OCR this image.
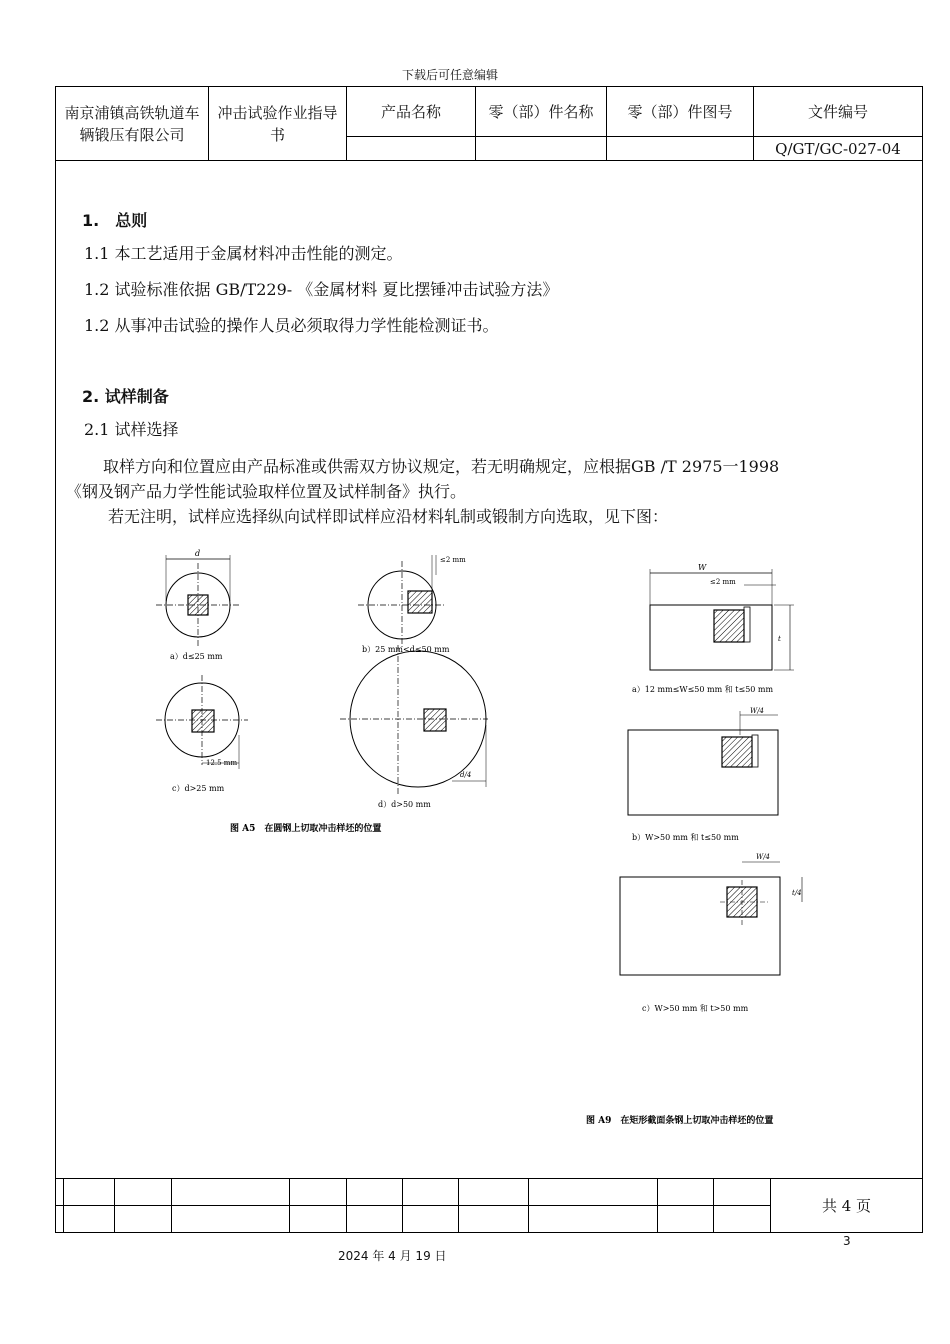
下载后可任意编辑
南京浦镇高铁轨道车辆锻压有限公司	冲击试验作业指导书	产品名称	零（部）件名称	零（部）件图号	文件编号
					Q/GT/GC-027-04
1.　总则
1.1 本工艺适用于金属材料冲击性能的测定。
1.2 试验标准依据 GB/T229- 《金属材料 夏比摆锤冲击试验方法》
1.2 从事冲击试验的操作人员必须取得力学性能检测证书。
2. 试样制备
2.1 试样选择
取样方向和位置应由产品标准或供需双方协议规定，若无明确规定，应根据GB /T 2975一1998
《钢及钢产品力学性能试验取样位置及试样制备》执行。
若无注明，试样应选择纵向试样即试样应沿材料轧制或锻制方向选取，见下图：
d
a）d≤25 mm
≤2 mm
b）25 mm<d≤50 mm
12.5 mm
c）d>25 mm
d/4
d）d>50 mm
图 A5　在圆钢上切取冲击样坯的位置
W
≤2 mm
t
a）12 mm≤W≤50 mm 和 t≤50 mm
W/4
b）W>50 mm 和 t≤50 mm
W/4
t/4
c）W>50 mm 和 t>50 mm
图 A9　在矩形截面条钢上切取冲击样坯的位置
											共 4 页

3
2024 年 4 月 19 日
